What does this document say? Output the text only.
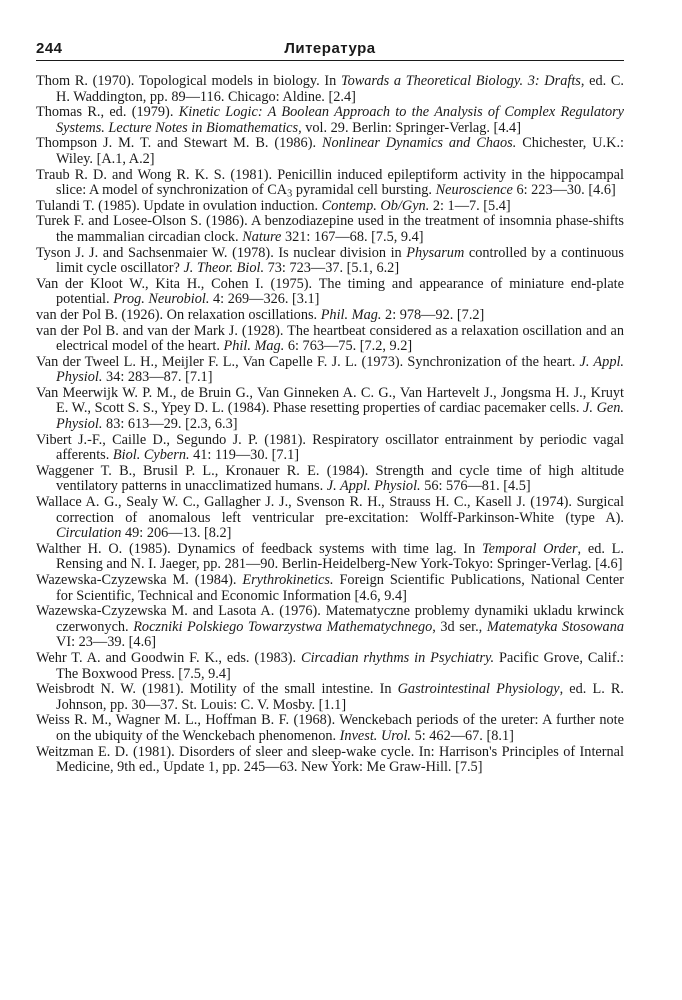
244	Литература
Thom R. (1970). Topological models in biology. In Towards a Theoretical Biology. 3: Drafts, ed. C. H. Waddington, pp. 89—116. Chicago: Aldine. [2.4]
Thomas R., ed. (1979). Kinetic Logic: A Boolean Approach to the Analysis of Complex Regulatory Systems. Lecture Notes in Biomathematics, vol. 29. Berlin: Springer-Verlag. [4.4]
Thompson J. M. T. and Stewart M. B. (1986). Nonlinear Dynamics and Chaos. Chichester, U.K.: Wiley. [A.1, A.2]
Traub R. D. and Wong R. K. S. (1981). Penicillin induced epileptiform activity in the hippocampal slice: A model of synchronization of $CA_3$ pyramidal cell bursting. Neuroscience 6: 223—30. [4.6]
Tulandi T. (1985). Update in ovulation induction. Contemp. Ob/Gyn. 2: 1—7. [5.4]
Turek F. and Losee-Olson S. (1986). A benzodiazepine used in the treatment of insomnia phase-shifts the mammalian circadian clock. Nature 321: 167—68. [7.5, 9.4]
Tyson J. J. and Sachsenmaier W. (1978). Is nuclear division in Physarum controlled by a continuous limit cycle oscillator? J. Theor. Biol. 73: 723—37. [5.1, 6.2]
Van der Kloot W., Kita H., Cohen I. (1975). The timing and appearance of miniature end-plate potential. Prog. Neurobiol. 4: 269—326. [3.1]
van der Pol B. (1926). On relaxation oscillations. Phil. Mag. 2: 978—92. [7.2]
van der Pol B. and van der Mark J. (1928). The heartbeat considered as a relaxation oscillation and an electrical model of the heart. Phil. Mag. 6: 763—75. [7.2, 9.2]
Van der Tweel L. H., Meijler F. L., Van Capelle F. J. L. (1973). Synchronization of the heart. J. Appl. Physiol. 34: 283—87. [7.1]
Van Meerwijk W. P. M., de Bruin G., Van Ginneken A. C. G., Van Hartevelt J., Jongsma H. J., Kruyt E. W., Scott S. S., Ypey D. L. (1984). Phase resetting properties of cardiac pacemaker cells. J. Gen. Physiol. 83: 613—29. [2.3, 6.3]
Vibert J.-F., Caille D., Segundo J. P. (1981). Respiratory oscillator entrainment by periodic vagal afferents. Biol. Cybern. 41: 119—30. [7.1]
Waggener T. B., Brusil P. L., Kronauer R. E. (1984). Strength and cycle time of high altitude ventilatory patterns in unacclimatized humans. J. Appl. Physiol. 56: 576—81. [4.5]
Wallace A. G., Sealy W. C., Gallagher J. J., Svenson R. H., Strauss H. C., Kasell J. (1974). Surgical correction of anomalous left ventricular pre-excitation: Wolff-Parkinson-White (type A). Circulation 49: 206—13. [8.2]
Walther H. O. (1985). Dynamics of feedback systems with time lag. In Temporal Order, ed. L. Rensing and N. I. Jaeger, pp. 281—90. Berlin-Heidelberg-New York-Tokyo: Springer-Verlag. [4.6]
Wazewska-Czyzewska M. (1984). Erythrokinetics. Foreign Scientific Publications, National Center for Scientific, Technical and Economic Information [4.6, 9.4]
Wazewska-Czyzewska M. and Lasota A. (1976). Matematyczne problemy dynamiki ukladu krwinck czerwonych. Roczniki Polskiego Towarzystwa Mathematychnego, 3d ser., Matematyka Stosowana VI: 23—39. [4.6]
Wehr T. A. and Goodwin F. K., eds. (1983). Circadian rhythms in Psychiatry. Pacific Grove, Calif.: The Boxwood Press. [7.5, 9.4]
Weisbrodt N. W. (1981). Motility of the small intestine. In Gastrointestinal Physiology, ed. L. R. Johnson, pp. 30—37. St. Louis: C. V. Mosby. [1.1]
Weiss R. M., Wagner M. L., Hoffman B. F. (1968). Wenckebach periods of the ureter: A further note on the ubiquity of the Wenckebach phenomenon. Invest. Urol. 5: 462—67. [8.1]
Weitzman E. D. (1981). Disorders of sleer and sleep-wake cycle. In: Harrison's Principles of Internal Medicine, 9th ed., Update 1, pp. 245—63. New York: Me Graw-Hill. [7.5]
